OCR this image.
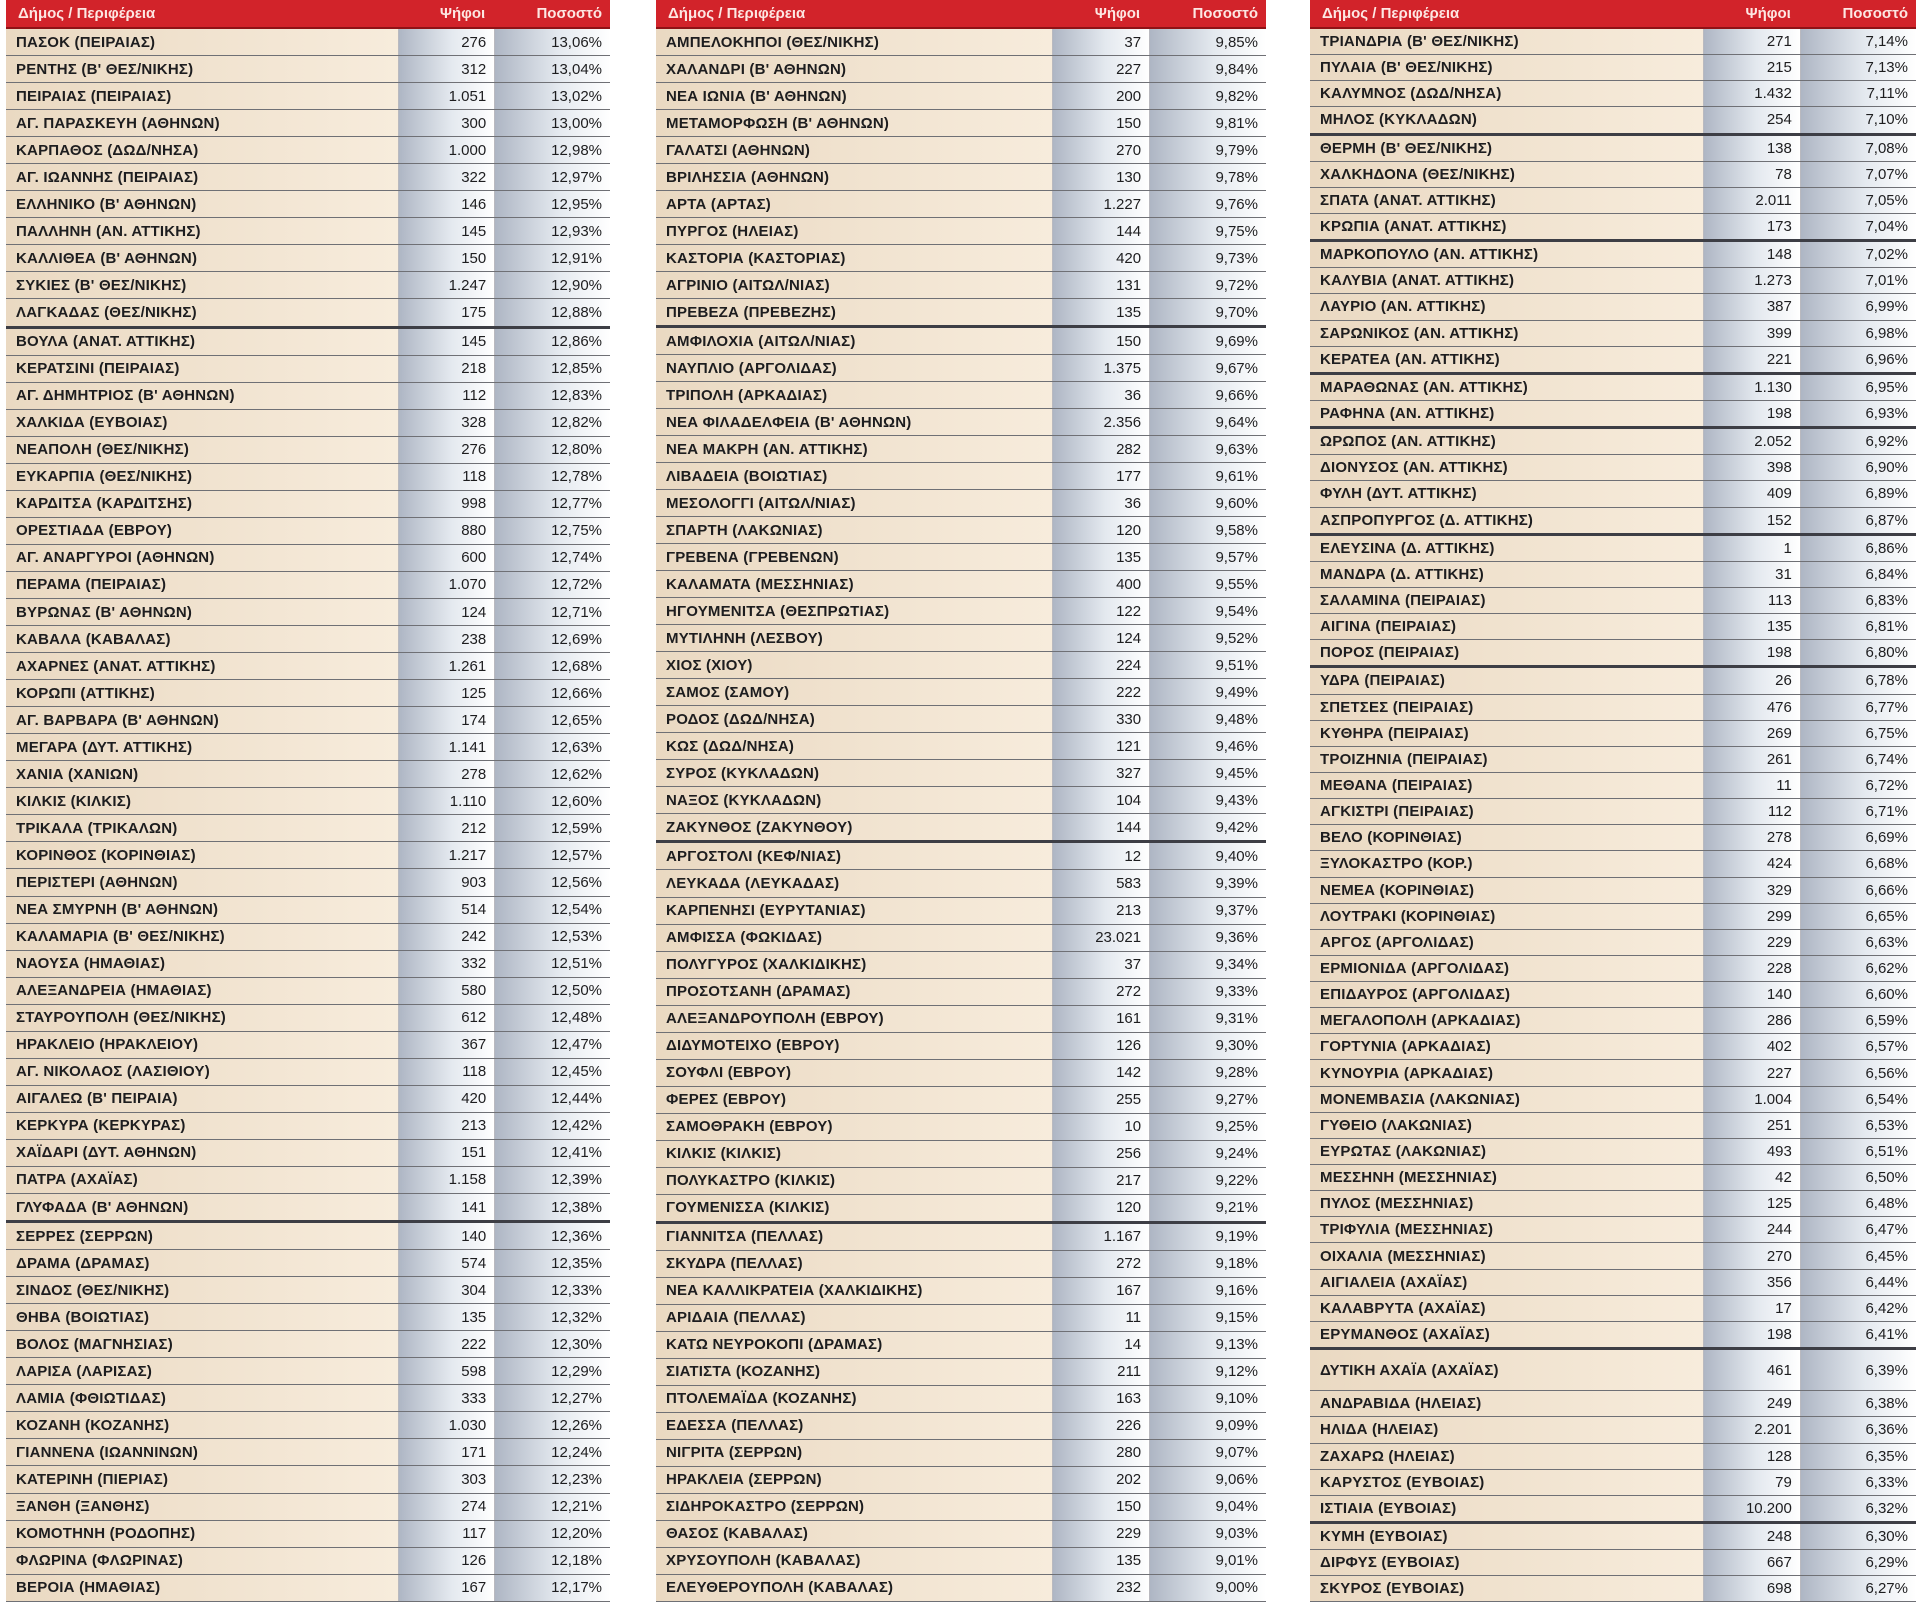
Δήμος / Περιφέρεια	Ψήφοι	Ποσοστό
ΠΑΣΟΚ (ΠΕΙΡΑΙΑΣ)	276	13,06%
ΡΕΝΤΗΣ (Β' ΘΕΣ/ΝΙΚΗΣ)	312	13,04%
ΠΕΙΡΑΙΑΣ (ΠΕΙΡΑΙΑΣ)	1.051	13,02%
ΑΓ. ΠΑΡΑΣΚΕΥΗ (ΑΘΗΝΩΝ)	300	13,00%
ΚΑΡΠΑΘΟΣ (ΔΩΔ/ΝΗΣΑ)	1.000	12,98%
ΑΓ. ΙΩΑΝΝΗΣ (ΠΕΙΡΑΙΑΣ)	322	12,97%
ΕΛΛΗΝΙΚΟ (Β' ΑΘΗΝΩΝ)	146	12,95%
ΠΑΛΛΗΝΗ (ΑΝ. ΑΤΤΙΚΗΣ)	145	12,93%
ΚΑΛΛΙΘΕΑ (Β' ΑΘΗΝΩΝ)	150	12,91%
ΣΥΚΙΕΣ (Β' ΘΕΣ/ΝΙΚΗΣ)	1.247	12,90%
ΛΑΓΚΑΔΑΣ (ΘΕΣ/ΝΙΚΗΣ)	175	12,88%
ΒΟΥΛΑ (ΑΝΑΤ. ΑΤΤΙΚΗΣ)	145	12,86%
ΚΕΡΑΤΣΙΝΙ (ΠΕΙΡΑΙΑΣ)	218	12,85%
ΑΓ. ΔΗΜΗΤΡΙΟΣ (Β' ΑΘΗΝΩΝ)	112	12,83%
ΧΑΛΚΙΔΑ (ΕΥΒΟΙΑΣ)	328	12,82%
ΝΕΑΠΟΛΗ (ΘΕΣ/ΝΙΚΗΣ)	276	12,80%
ΕΥΚΑΡΠΙΑ (ΘΕΣ/ΝΙΚΗΣ)	118	12,78%
ΚΑΡΔΙΤΣΑ (ΚΑΡΔΙΤΣΗΣ)	998	12,77%
ΟΡΕΣΤΙΑΔΑ (ΕΒΡΟΥ)	880	12,75%
ΑΓ. ΑΝΑΡΓΥΡΟΙ (ΑΘΗΝΩΝ)	600	12,74%
ΠΕΡΑΜΑ (ΠΕΙΡΑΙΑΣ)	1.070	12,72%
ΒΥΡΩΝΑΣ (Β' ΑΘΗΝΩΝ)	124	12,71%
ΚΑΒΑΛΑ (ΚΑΒΑΛΑΣ)	238	12,69%
ΑΧΑΡΝΕΣ (ΑΝΑΤ. ΑΤΤΙΚΗΣ)	1.261	12,68%
ΚΟΡΩΠΙ (ΑΤΤΙΚΗΣ)	125	12,66%
ΑΓ. ΒΑΡΒΑΡΑ (Β' ΑΘΗΝΩΝ)	174	12,65%
ΜΕΓΑΡΑ (ΔΥΤ. ΑΤΤΙΚΗΣ)	1.141	12,63%
ΧΑΝΙΑ (ΧΑΝΙΩΝ)	278	12,62%
ΚΙΛΚΙΣ (ΚΙΛΚΙΣ)	1.110	12,60%
ΤΡΙΚΑΛΑ (ΤΡΙΚΑΛΩΝ)	212	12,59%
ΚΟΡΙΝΘΟΣ (ΚΟΡΙΝΘΙΑΣ)	1.217	12,57%
ΠΕΡΙΣΤΕΡΙ (ΑΘΗΝΩΝ)	903	12,56%
ΝΕΑ ΣΜΥΡΝΗ (Β' ΑΘΗΝΩΝ)	514	12,54%
ΚΑΛΑΜΑΡΙΑ (Β' ΘΕΣ/ΝΙΚΗΣ)	242	12,53%
ΝΑΟΥΣΑ (ΗΜΑΘΙΑΣ)	332	12,51%
ΑΛΕΞΑΝΔΡΕΙΑ (ΗΜΑΘΙΑΣ)	580	12,50%
ΣΤΑΥΡΟΥΠΟΛΗ (ΘΕΣ/ΝΙΚΗΣ)	612	12,48%
ΗΡΑΚΛΕΙΟ (ΗΡΑΚΛΕΙΟΥ)	367	12,47%
ΑΓ. ΝΙΚΟΛΑΟΣ (ΛΑΣΙΘΙΟΥ)	118	12,45%
ΑΙΓΑΛΕΩ (Β' ΠΕΙΡΑΙΑ)	420	12,44%
ΚΕΡΚΥΡΑ (ΚΕΡΚΥΡΑΣ)	213	12,42%
ΧΑΪΔΑΡΙ (ΔΥΤ. ΑΘΗΝΩΝ)	151	12,41%
ΠΑΤΡΑ (ΑΧΑΪΑΣ)	1.158	12,39%
ΓΛΥΦΑΔΑ (Β' ΑΘΗΝΩΝ)	141	12,38%
ΣΕΡΡΕΣ (ΣΕΡΡΩΝ)	140	12,36%
ΔΡΑΜΑ (ΔΡΑΜΑΣ)	574	12,35%
ΣΙΝΔΟΣ (ΘΕΣ/ΝΙΚΗΣ)	304	12,33%
ΘΗΒΑ (ΒΟΙΩΤΙΑΣ)	135	12,32%
ΒΟΛΟΣ (ΜΑΓΝΗΣΙΑΣ)	222	12,30%
ΛΑΡΙΣΑ (ΛΑΡΙΣΑΣ)	598	12,29%
ΛΑΜΙΑ (ΦΘΙΩΤΙΔΑΣ)	333	12,27%
ΚΟΖΑΝΗ (ΚΟΖΑΝΗΣ)	1.030	12,26%
ΓΙΑΝΝΕΝΑ (ΙΩΑΝΝΙΝΩΝ)	171	12,24%
ΚΑΤΕΡΙΝΗ (ΠΙΕΡΙΑΣ)	303	12,23%
ΞΑΝΘΗ (ΞΑΝΘΗΣ)	274	12,21%
ΚΟΜΟΤΗΝΗ (ΡΟΔΟΠΗΣ)	117	12,20%
ΦΛΩΡΙΝΑ (ΦΛΩΡΙΝΑΣ)	126	12,18%
ΒΕΡΟΙΑ (ΗΜΑΘΙΑΣ)	167	12,17%
Δήμος / Περιφέρεια	Ψήφοι	Ποσοστό
ΑΜΠΕΛΟΚΗΠΟΙ (ΘΕΣ/ΝΙΚΗΣ)	37	9,85%
ΧΑΛΑΝΔΡΙ (Β' ΑΘΗΝΩΝ)	227	9,84%
ΝΕΑ ΙΩΝΙΑ (Β' ΑΘΗΝΩΝ)	200	9,82%
ΜΕΤΑΜΟΡΦΩΣΗ (Β' ΑΘΗΝΩΝ)	150	9,81%
ΓΑΛΑΤΣΙ (ΑΘΗΝΩΝ)	270	9,79%
ΒΡΙΛΗΣΣΙΑ (ΑΘΗΝΩΝ)	130	9,78%
ΑΡΤΑ (ΑΡΤΑΣ)	1.227	9,76%
ΠΥΡΓΟΣ (ΗΛΕΙΑΣ)	144	9,75%
ΚΑΣΤΟΡΙΑ (ΚΑΣΤΟΡΙΑΣ)	420	9,73%
ΑΓΡΙΝΙΟ (ΑΙΤΩΛ/ΝΙΑΣ)	131	9,72%
ΠΡΕΒΕΖΑ (ΠΡΕΒΕΖΗΣ)	135	9,70%
ΑΜΦΙΛΟΧΙΑ (ΑΙΤΩΛ/ΝΙΑΣ)	150	9,69%
ΝΑΥΠΛΙΟ (ΑΡΓΟΛΙΔΑΣ)	1.375	9,67%
ΤΡΙΠΟΛΗ (ΑΡΚΑΔΙΑΣ)	36	9,66%
ΝΕΑ ΦΙΛΑΔΕΛΦΕΙΑ (Β' ΑΘΗΝΩΝ)	2.356	9,64%
ΝΕΑ ΜΑΚΡΗ (ΑΝ. ΑΤΤΙΚΗΣ)	282	9,63%
ΛΙΒΑΔΕΙΑ (ΒΟΙΩΤΙΑΣ)	177	9,61%
ΜΕΣΟΛΟΓΓΙ (ΑΙΤΩΛ/ΝΙΑΣ)	36	9,60%
ΣΠΑΡΤΗ (ΛΑΚΩΝΙΑΣ)	120	9,58%
ΓΡΕΒΕΝΑ (ΓΡΕΒΕΝΩΝ)	135	9,57%
ΚΑΛΑΜΑΤΑ (ΜΕΣΣΗΝΙΑΣ)	400	9,55%
ΗΓΟΥΜΕΝΙΤΣΑ (ΘΕΣΠΡΩΤΙΑΣ)	122	9,54%
ΜΥΤΙΛΗΝΗ (ΛΕΣΒΟΥ)	124	9,52%
ΧΙΟΣ (ΧΙΟΥ)	224	9,51%
ΣΑΜΟΣ (ΣΑΜΟΥ)	222	9,49%
ΡΟΔΟΣ (ΔΩΔ/ΝΗΣΑ)	330	9,48%
ΚΩΣ (ΔΩΔ/ΝΗΣΑ)	121	9,46%
ΣΥΡΟΣ (ΚΥΚΛΑΔΩΝ)	327	9,45%
ΝΑΞΟΣ (ΚΥΚΛΑΔΩΝ)	104	9,43%
ΖΑΚΥΝΘΟΣ (ΖΑΚΥΝΘΟΥ)	144	9,42%
ΑΡΓΟΣΤΟΛΙ (ΚΕΦ/ΝΙΑΣ)	12	9,40%
ΛΕΥΚΑΔΑ (ΛΕΥΚΑΔΑΣ)	583	9,39%
ΚΑΡΠΕΝΗΣΙ (ΕΥΡΥΤΑΝΙΑΣ)	213	9,37%
ΑΜΦΙΣΣΑ (ΦΩΚΙΔΑΣ)	23.021	9,36%
ΠΟΛΥΓΥΡΟΣ (ΧΑΛΚΙΔΙΚΗΣ)	37	9,34%
ΠΡΟΣΟΤΣΑΝΗ (ΔΡΑΜΑΣ)	272	9,33%
ΑΛΕΞΑΝΔΡΟΥΠΟΛΗ (ΕΒΡΟΥ)	161	9,31%
ΔΙΔΥΜΟΤΕΙΧΟ (ΕΒΡΟΥ)	126	9,30%
ΣΟΥΦΛΙ (ΕΒΡΟΥ)	142	9,28%
ΦΕΡΕΣ (ΕΒΡΟΥ)	255	9,27%
ΣΑΜΟΘΡΑΚΗ (ΕΒΡΟΥ)	10	9,25%
ΚΙΛΚΙΣ (ΚΙΛΚΙΣ)	256	9,24%
ΠΟΛΥΚΑΣΤΡΟ (ΚΙΛΚΙΣ)	217	9,22%
ΓΟΥΜΕΝΙΣΣΑ (ΚΙΛΚΙΣ)	120	9,21%
ΓΙΑΝΝΙΤΣΑ (ΠΕΛΛΑΣ)	1.167	9,19%
ΣΚΥΔΡΑ (ΠΕΛΛΑΣ)	272	9,18%
ΝΕΑ ΚΑΛΛΙΚΡΑΤΕΙΑ (ΧΑΛΚΙΔΙΚΗΣ)	167	9,16%
ΑΡΙΔΑΙΑ (ΠΕΛΛΑΣ)	11	9,15%
ΚΑΤΩ ΝΕΥΡΟΚΟΠΙ (ΔΡΑΜΑΣ)	14	9,13%
ΣΙΑΤΙΣΤΑ (ΚΟΖΑΝΗΣ)	211	9,12%
ΠΤΟΛΕΜΑΪΔΑ (ΚΟΖΑΝΗΣ)	163	9,10%
ΕΔΕΣΣΑ (ΠΕΛΛΑΣ)	226	9,09%
ΝΙΓΡΙΤΑ (ΣΕΡΡΩΝ)	280	9,07%
ΗΡΑΚΛΕΙΑ (ΣΕΡΡΩΝ)	202	9,06%
ΣΙΔΗΡΟΚΑΣΤΡΟ (ΣΕΡΡΩΝ)	150	9,04%
ΘΑΣΟΣ (ΚΑΒΑΛΑΣ)	229	9,03%
ΧΡΥΣΟΥΠΟΛΗ (ΚΑΒΑΛΑΣ)	135	9,01%
ΕΛΕΥΘΕΡΟΥΠΟΛΗ (ΚΑΒΑΛΑΣ)	232	9,00%
Δήμος / Περιφέρεια	Ψήφοι	Ποσοστό
ΤΡΙΑΝΔΡΙΑ (Β' ΘΕΣ/ΝΙΚΗΣ)	271	7,14%
ΠΥΛΑΙΑ (Β' ΘΕΣ/ΝΙΚΗΣ)	215	7,13%
ΚΑΛΥΜΝΟΣ (ΔΩΔ/ΝΗΣΑ)	1.432	7,11%
ΜΗΛΟΣ (ΚΥΚΛΑΔΩΝ)	254	7,10%
ΘΕΡΜΗ (Β' ΘΕΣ/ΝΙΚΗΣ)	138	7,08%
ΧΑΛΚΗΔΟΝΑ (ΘΕΣ/ΝΙΚΗΣ)	78	7,07%
ΣΠΑΤΑ (ΑΝΑΤ. ΑΤΤΙΚΗΣ)	2.011	7,05%
ΚΡΩΠΙΑ (ΑΝΑΤ. ΑΤΤΙΚΗΣ)	173	7,04%
ΜΑΡΚΟΠΟΥΛΟ (ΑΝ. ΑΤΤΙΚΗΣ)	148	7,02%
ΚΑΛΥΒΙΑ (ΑΝΑΤ. ΑΤΤΙΚΗΣ)	1.273	7,01%
ΛΑΥΡΙΟ (ΑΝ. ΑΤΤΙΚΗΣ)	387	6,99%
ΣΑΡΩΝΙΚΟΣ (ΑΝ. ΑΤΤΙΚΗΣ)	399	6,98%
ΚΕΡΑΤΕΑ (ΑΝ. ΑΤΤΙΚΗΣ)	221	6,96%
ΜΑΡΑΘΩΝΑΣ (ΑΝ. ΑΤΤΙΚΗΣ)	1.130	6,95%
ΡΑΦΗΝΑ (ΑΝ. ΑΤΤΙΚΗΣ)	198	6,93%
ΩΡΩΠΟΣ (ΑΝ. ΑΤΤΙΚΗΣ)	2.052	6,92%
ΔΙΟΝΥΣΟΣ (ΑΝ. ΑΤΤΙΚΗΣ)	398	6,90%
ΦΥΛΗ (ΔΥΤ. ΑΤΤΙΚΗΣ)	409	6,89%
ΑΣΠΡΟΠΥΡΓΟΣ (Δ. ΑΤΤΙΚΗΣ)	152	6,87%
ΕΛΕΥΣΙΝΑ (Δ. ΑΤΤΙΚΗΣ)	1	6,86%
ΜΑΝΔΡΑ (Δ. ΑΤΤΙΚΗΣ)	31	6,84%
ΣΑΛΑΜΙΝΑ (ΠΕΙΡΑΙΑΣ)	113	6,83%
ΑΙΓΙΝΑ (ΠΕΙΡΑΙΑΣ)	135	6,81%
ΠΟΡΟΣ (ΠΕΙΡΑΙΑΣ)	198	6,80%
ΥΔΡΑ (ΠΕΙΡΑΙΑΣ)	26	6,78%
ΣΠΕΤΣΕΣ (ΠΕΙΡΑΙΑΣ)	476	6,77%
ΚΥΘΗΡΑ (ΠΕΙΡΑΙΑΣ)	269	6,75%
ΤΡΟΙΖΗΝΙΑ (ΠΕΙΡΑΙΑΣ)	261	6,74%
ΜΕΘΑΝΑ (ΠΕΙΡΑΙΑΣ)	11	6,72%
ΑΓΚΙΣΤΡΙ (ΠΕΙΡΑΙΑΣ)	112	6,71%
ΒΕΛΟ (ΚΟΡΙΝΘΙΑΣ)	278	6,69%
ΞΥΛΟΚΑΣΤΡΟ (ΚΟΡ.)	424	6,68%
ΝΕΜΕΑ (ΚΟΡΙΝΘΙΑΣ)	329	6,66%
ΛΟΥΤΡΑΚΙ (ΚΟΡΙΝΘΙΑΣ)	299	6,65%
ΑΡΓΟΣ (ΑΡΓΟΛΙΔΑΣ)	229	6,63%
ΕΡΜΙΟΝΙΔΑ (ΑΡΓΟΛΙΔΑΣ)	228	6,62%
ΕΠΙΔΑΥΡΟΣ (ΑΡΓΟΛΙΔΑΣ)	140	6,60%
ΜΕΓΑΛΟΠΟΛΗ (ΑΡΚΑΔΙΑΣ)	286	6,59%
ΓΟΡΤΥΝΙΑ (ΑΡΚΑΔΙΑΣ)	402	6,57%
ΚΥΝΟΥΡΙΑ (ΑΡΚΑΔΙΑΣ)	227	6,56%
ΜΟΝΕΜΒΑΣΙΑ (ΛΑΚΩΝΙΑΣ)	1.004	6,54%
ΓΥΘΕΙΟ (ΛΑΚΩΝΙΑΣ)	251	6,53%
ΕΥΡΩΤΑΣ (ΛΑΚΩΝΙΑΣ)	493	6,51%
ΜΕΣΣΗΝΗ (ΜΕΣΣΗΝΙΑΣ)	42	6,50%
ΠΥΛΟΣ (ΜΕΣΣΗΝΙΑΣ)	125	6,48%
ΤΡΙΦΥΛΙΑ (ΜΕΣΣΗΝΙΑΣ)	244	6,47%
ΟΙΧΑΛΙΑ (ΜΕΣΣΗΝΙΑΣ)	270	6,45%
ΑΙΓΙΑΛΕΙΑ (ΑΧΑΪΑΣ)	356	6,44%
ΚΑΛΑΒΡΥΤΑ (ΑΧΑΪΑΣ)	17	6,42%
ΕΡΥΜΑΝΘΟΣ (ΑΧΑΪΑΣ)	198	6,41%
ΔΥΤΙΚΗ ΑΧΑΪΑ (ΑΧΑΪΑΣ)	461	6,39%
ΑΝΔΡΑΒΙΔΑ (ΗΛΕΙΑΣ)	249	6,38%
ΗΛΙΔΑ (ΗΛΕΙΑΣ)	2.201	6,36%
ΖΑΧΑΡΩ (ΗΛΕΙΑΣ)	128	6,35%
ΚΑΡΥΣΤΟΣ (ΕΥΒΟΙΑΣ)	79	6,33%
ΙΣΤΙΑΙΑ (ΕΥΒΟΙΑΣ)	10.200	6,32%
ΚΥΜΗ (ΕΥΒΟΙΑΣ)	248	6,30%
ΔΙΡΦΥΣ (ΕΥΒΟΙΑΣ)	667	6,29%
ΣΚΥΡΟΣ (ΕΥΒΟΙΑΣ)	698	6,27%
